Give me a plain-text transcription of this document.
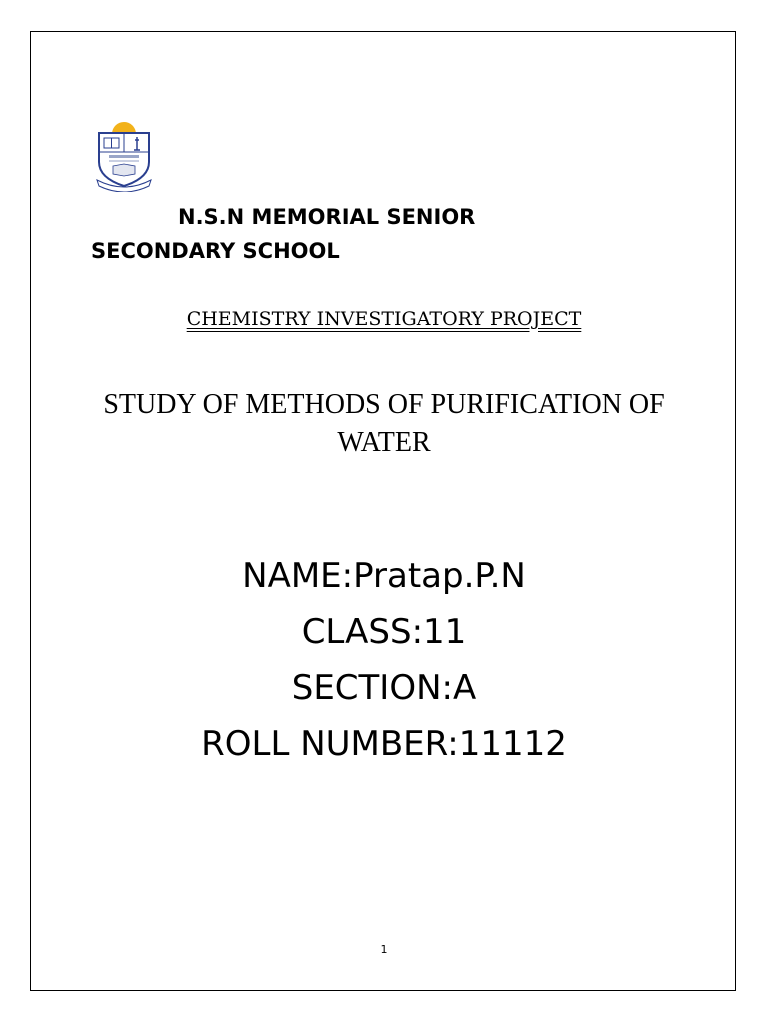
N.S.N MEMORIAL SENIOR SECONDARY SCHOOL

CHEMISTRY INVESTIGATORY PROJECT

STUDY OF METHODS OF PURIFICATION OF WATER

NAME:Pratap.P.N
CLASS:11
SECTION:A
ROLL NUMBER:11112
1
